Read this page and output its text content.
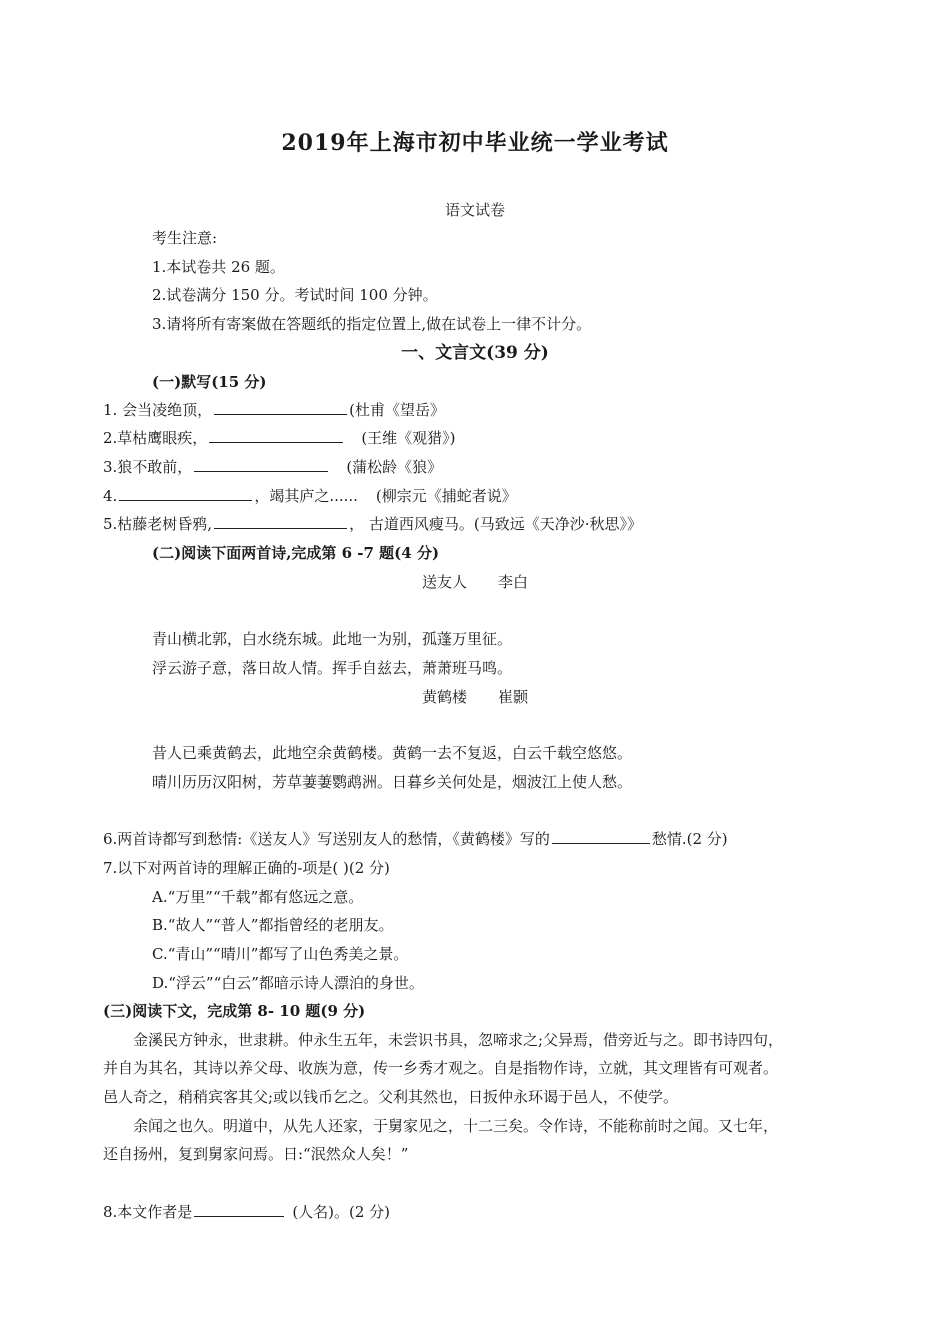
2019年上海市初中毕业统一学业考试
语文试卷
考生注意:
1.本试卷共 26 题。
2.试卷满分 150 分。考试时间 100 分钟。
3.请将所有寄案做在答题纸的指定位置上,做在试卷上一律不计分。
一、文言文(39 分)
(一)默写(15 分)
1. 会当凌绝顶，	(杜甫《望岳》
2.草枯鹰眼疾，	(王维《观猎》)
3.狼不敢前，	(蒲松龄《狼》
4.	，竭其庐之...... (柳宗元《捕蛇者说》
5.枯藤老树昏鸦,	， 古道西风瘦马。(马致远《天净沙·秋思》》
(二)阅读下面两首诗,完成第 6 -7 题(4 分)
送友人 李白
青山横北郭，白水绕东城。此地一为别，孤蓬万里征。
浮云游子意，落日故人情。挥手自兹去，萧萧班马鸣。
黄鹤楼 崔颢
昔人已乘黄鹤去，此地空余黄鹤楼。黄鹤一去不复返，白云千载空悠悠。
晴川历历汉阳树，芳草萋萋鹦鹉洲。日暮乡关何处是，烟波江上使人愁。
6.两首诗都写到愁情:《送友人》写送别友人的愁情，《黄鹤楼》写的	愁情.(2 分)
7.以下对两首诗的理解正确的-项是( )(2 分)
A.“万里”“千载”都有悠远之意。
B.“故人”“普人”都指曾经的老朋友。
C.“青山”“晴川”都写了山色秀美之景。
D.“浮云”“白云”都暗示诗人漂泊的身世。
(三)阅读下文，完成第 8- 10 题(9 分)
金溪民方钟永，世隶耕。仲永生五年，未尝识书具，忽啼求之;父异焉，借旁近与之。即书诗四句，
并自为其名，其诗以养父母、收族为意，传一乡秀才观之。自是指物作诗，立就，其文理皆有可观者。
邑人奇之，稍稍宾客其父;或以钱币乞之。父利其然也，日扳仲永环谒于邑人，不使学。
余闻之也久。明道中，从先人还家，于舅家见之，十二三矣。令作诗，不能称前时之闻。又七年，
还自扬州，复到舅家问焉。日:“泯然众人矣！”
8.本文作者是	(人名)。(2 分)
